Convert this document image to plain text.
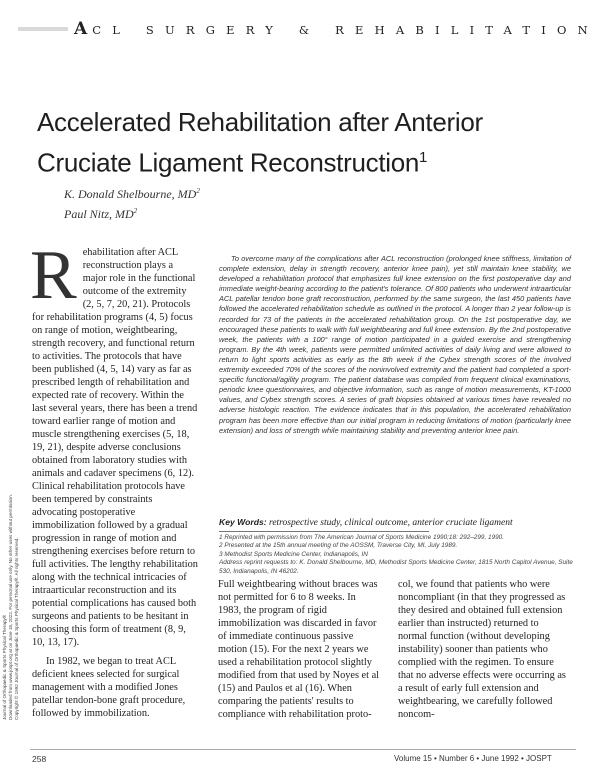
ACL SURGERY & REHABILITATION
Journal of Orthopaedic & Sports Physical Therapy® Downloaded from www.jospt.org at on June 18, 2022. For personal use only. No other uses without permission. Copyright © 1992 Journal of Orthopaedic & Sports Physical Therapy®. All rights reserved.
Accelerated Rehabilitation after Anterior Cruciate Ligament Reconstruction$^1$
K. Donald Shelbourne, $MD^2$
Paul Nitz, $MD^2$
R ehabilitation after ACL reconstruction plays a major role in the functional outcome of the extremity (2, 5, 7, 20, 21). Protocols for rehabilitation programs (4, 5) focus on range of motion, weightbearing, strength recovery, and functional return to activities. The protocols that have been published (4, 5, 14) vary as far as prescribed length of rehabilitation and expected rate of recovery. Within the last several years, there has been a trend toward earlier range of motion and muscle strengthening exercises (5, 18, 19, 21), despite adverse conclusions obtained from laboratory studies with animals and cadaver specimens (6, 12). Clinical rehabilitation protocols have been tempered by constraints advocating postoperative immobilization followed by a gradual progression in range of motion and strengthening exercises before return to full activities. The lengthy rehabilitation along with the technical intricacies of intraarticular reconstruction and its potential complications has caused both surgeons and patients to be hesitant in choosing this form of treatment (8, 9, 10, 13, 17).

In 1982, we began to treat ACL deficient knees selected for surgical management with a modified Jones patellar tendon-bone graft procedure, followed by immobilization.

To overcome many of the complications after ACL reconstruction (prolonged knee stiffness, limitation of complete extension, delay in strength recovery, anterior knee pain), yet still maintain knee stability, we developed a rehabilitation protocol that emphasizes full knee extension on the first postoperative day and immediate weight-bearing according to the patient's tolerance. Of 800 patients who underwent intraarticular ACL patellar tendon bone graft reconstruction, performed by the same surgeon, the last 450 patients have followed the accelerated rehabilitation schedule as outlined in the protocol. A longer than 2 year follow-up is recorded for 73 of the patients in the accelerated rehabilitation group. On the 1st postoperative day, we encouraged these patients to walk with full weightbearing and full knee extension. By the 2nd postoperative week, the patients with a 100° range of motion participated in a guided exercise and strengthening program. By the 4th week, patients were permitted unlimited activities of daily living and were allowed to return to light sports activities as early as the 8th week if the Cybex strength scores of the involved extremity exceeded 70% of the scores of the noninvolved extremity and the patient had completed a sport-specific functional/agility program. The patient database was compiled from frequent clinical examinations, periodic knee questionnaires, and objective information, such as range of motion measurements, KT-1000 values, and Cybex strength scores. A series of graft biopsies obtained at various times have revealed no adverse histologic reaction. The evidence indicates that in this population, the accelerated rehabilitation program has been more effective than our initial program in reducing limitations of motion (particularly knee extension) and loss of strength while maintaining stability and preventing anterior knee pain.
Key Words: retrospective study, clinical outcome, anterior cruciate ligament

1 Reprinted with permission from The American Journal of Sports Medicine 1990;18: 292–299, 1990.

2 Presented at the 15th annual meeting of the AOSSM, Traverse City, MI, July 1989.

3 Methodist Sports Medicine Center, Indianapolis, IN

Address reprint requests to: K. Donald Shelbourne, MD, Methodist Sports Medicine Center, 1815 North Capitol Avenue, Suite 530, Indianapolis, IN 46202.

Full weightbearing without braces was not permitted for 6 to 8 weeks. In 1983, the program of rigid immobilization was discarded in favor of immediate continuous passive motion (15). For the next 2 years we used a rehabilitation protocol slightly modified from that used by Noyes et al (15) and Paulos et al (16). When comparing the patients' results to compliance with rehabilitation proto-

col, we found that patients who were noncompliant (in that they progressed as they desired and obtained full extension earlier than instructed) returned to normal function (without developing instability) sooner than patients who complied with the regimen. To ensure that no adverse effects were occurring as a result of early full extension and weightbearing, we carefully followed noncom-

258	Volume 15 • Number 6 • June 1992 • JOSPT
